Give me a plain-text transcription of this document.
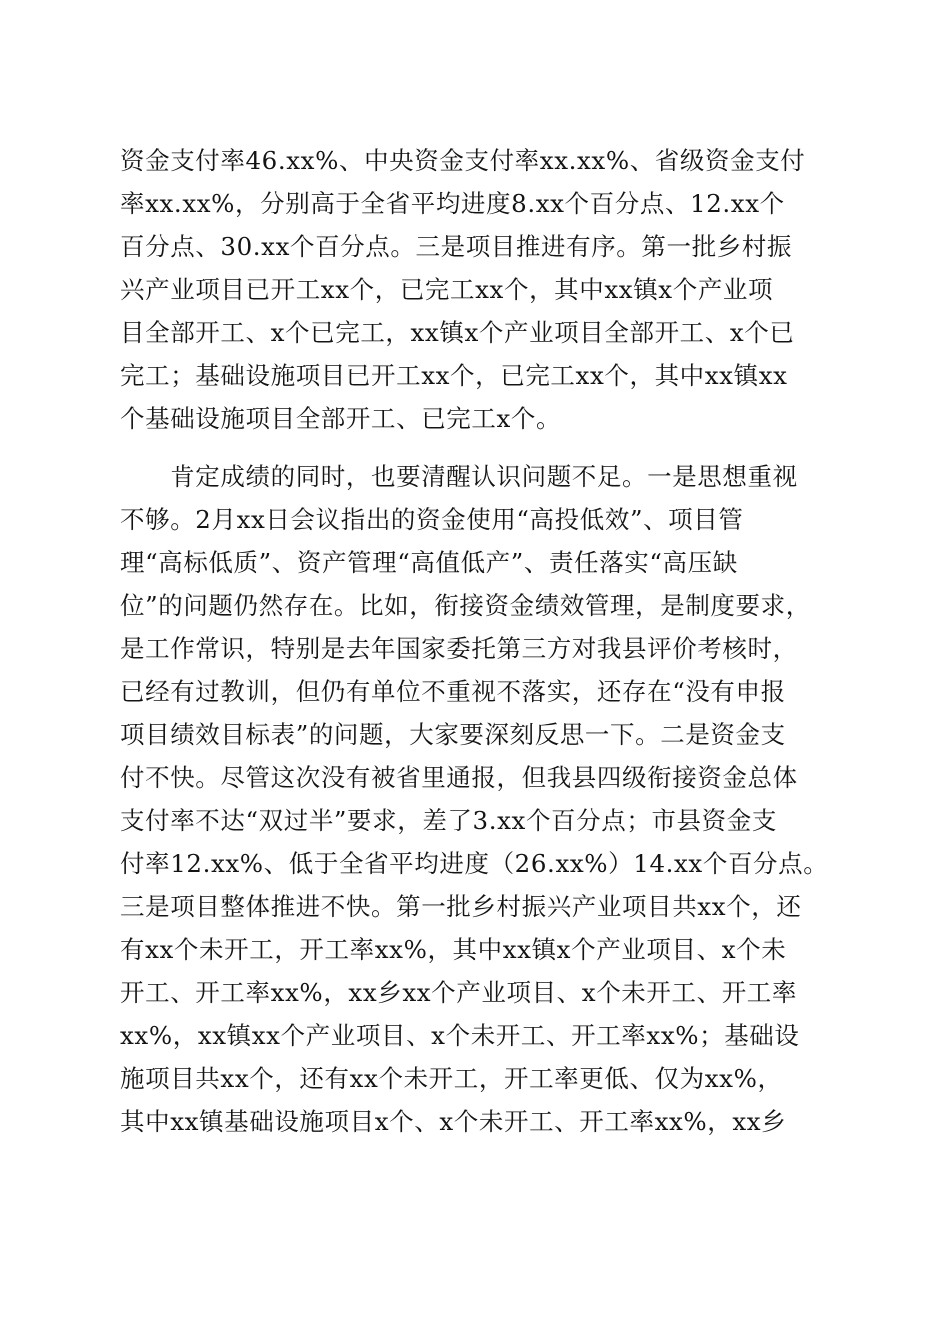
资金支付率46.xx%、中央资金支付率xx.xx%、省级资金支付
率xx.xx%，分别高于全省平均进度8.xx个百分点、12.xx个
百分点、30.xx个百分点。三是项目推进有序。第一批乡村振
兴产业项目已开工xx个，已完工xx个，其中xx镇x个产业项
目全部开工、x个已完工，xx镇x个产业项目全部开工、x个已
完工；基础设施项目已开工xx个，已完工xx个，其中xx镇xx
个基础设施项目全部开工、已完工x个。
　　肯定成绩的同时，也要清醒认识问题不足。一是思想重视
不够。2月xx日会议指出的资金使用“高投低效”、项目管
理“高标低质”、资产管理“高值低产”、责任落实“高压缺
位”的问题仍然存在。比如，衔接资金绩效管理，是制度要求，
是工作常识，特别是去年国家委托第三方对我县评价考核时，
已经有过教训，但仍有单位不重视不落实，还存在“没有申报
项目绩效目标表”的问题，大家要深刻反思一下。二是资金支
付不快。尽管这次没有被省里通报，但我县四级衔接资金总体
支付率不达“双过半”要求，差了3.xx个百分点；市县资金支
付率12.xx%、低于全省平均进度（26.xx%）14.xx个百分点。
三是项目整体推进不快。第一批乡村振兴产业项目共xx个，还
有xx个未开工，开工率xx%，其中xx镇x个产业项目、x个未
开工、开工率xx%，xx乡xx个产业项目、x个未开工、开工率
xx%，xx镇xx个产业项目、x个未开工、开工率xx%；基础设
施项目共xx个，还有xx个未开工，开工率更低、仅为xx%，
其中xx镇基础设施项目x个、x个未开工、开工率xx%，xx乡
